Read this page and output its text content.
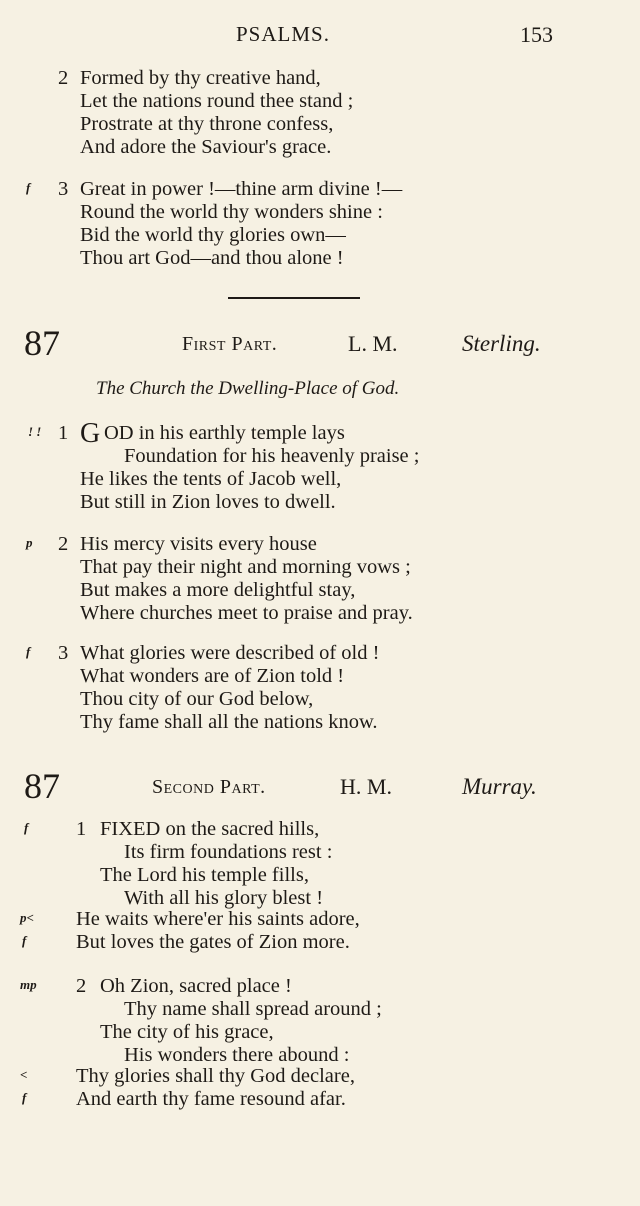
PSALMS.	153
2 Formed by thy creative hand,
Let the nations round thee stand ;
Prostrate at thy throne confess,
And adore the Saviour's grace.
f 3 Great in power !—thine arm divine !—
Round the world thy wonders shine :
Bid the world thy glories own—
Thou art God—and thou alone !
87	First Part.	L. M.	Sterling.
The Church the Dwelling-Place of God.
! ! 1 G OD in his earthly temple lays
Foundation for his heavenly praise ;
He likes the tents of Jacob well,
But still in Zion loves to dwell.
p 2 His mercy visits every house
That pay their night and morning vows ;
But makes a more delightful stay,
Where churches meet to praise and pray.
f 3 What glories were described of old !
What wonders are of Zion told !
Thou city of our God below,
Thy fame shall all the nations know.
87	Second Part.	H. M.	Murray.
f 1 FIXED on the sacred hills,
Its firm foundations rest :
The Lord his temple fills,
With all his glory blest !
p< He waits where'er his saints adore,
f But loves the gates of Zion more.
mp 2 Oh Zion, sacred place !
Thy name shall spread around ;
The city of his grace,
His wonders there abound :
< Thy glories shall thy God declare,
f And earth thy fame resound afar.
